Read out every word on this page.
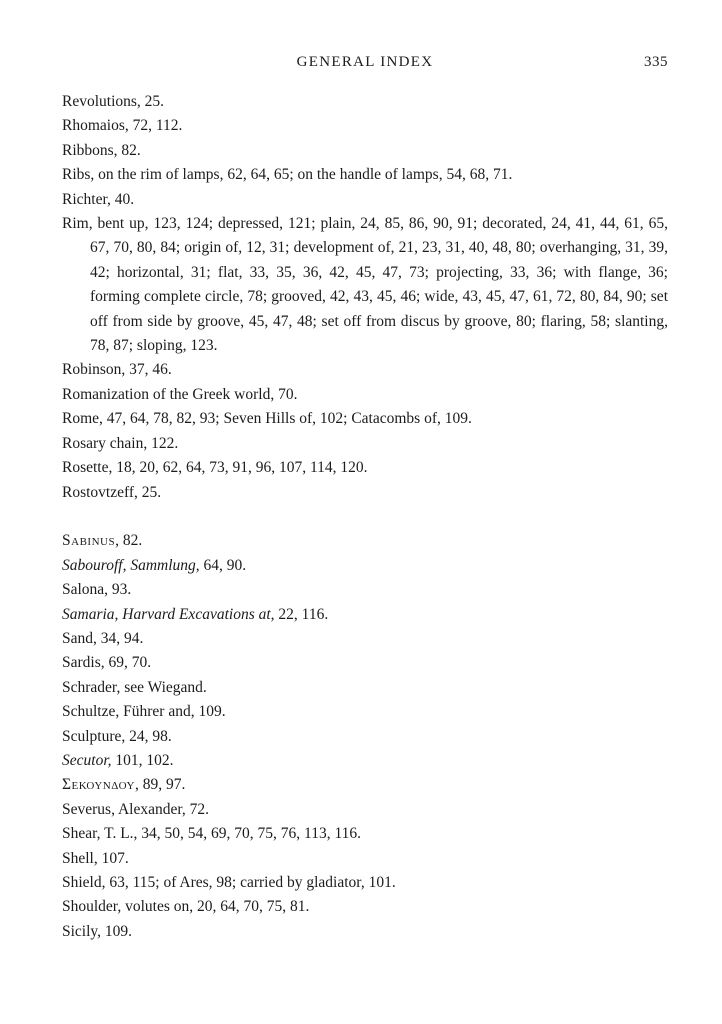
GENERAL INDEX	335
Revolutions, 25.
Rhomaios, 72, 112.
Ribbons, 82.
Ribs, on the rim of lamps, 62, 64, 65; on the handle of lamps, 54, 68, 71.
Richter, 40.
Rim, bent up, 123, 124; depressed, 121; plain, 24, 85, 86, 90, 91; decorated, 24, 41, 44, 61, 65, 67, 70, 80, 84; origin of, 12, 31; development of, 21, 23, 31, 40, 48, 80; overhanging, 31, 39, 42; horizontal, 31; flat, 33, 35, 36, 42, 45, 47, 73; projecting, 33, 36; with flange, 36; forming complete circle, 78; grooved, 42, 43, 45, 46; wide, 43, 45, 47, 61, 72, 80, 84, 90; set off from side by groove, 45, 47, 48; set off from discus by groove, 80; flaring, 58; slanting, 78, 87; sloping, 123.
Robinson, 37, 46.
Romanization of the Greek world, 70.
Rome, 47, 64, 78, 82, 93; Seven Hills of, 102; Catacombs of, 109.
Rosary chain, 122.
Rosette, 18, 20, 62, 64, 73, 91, 96, 107, 114, 120.
Rostovtzeff, 25.
Sabinus, 82.
Sabouroff, Sammlung, 64, 90.
Salona, 93.
Samaria, Harvard Excavations at, 22, 116.
Sand, 34, 94.
Sardis, 69, 70.
Schrader, see Wiegand.
Schultze, Führer and, 109.
Sculpture, 24, 98.
Secutor, 101, 102.
Σεκουνδου, 89, 97.
Severus, Alexander, 72.
Shear, T. L., 34, 50, 54, 69, 70, 75, 76, 113, 116.
Shell, 107.
Shield, 63, 115; of Ares, 98; carried by gladiator, 101.
Shoulder, volutes on, 20, 64, 70, 75, 81.
Sicily, 109.
